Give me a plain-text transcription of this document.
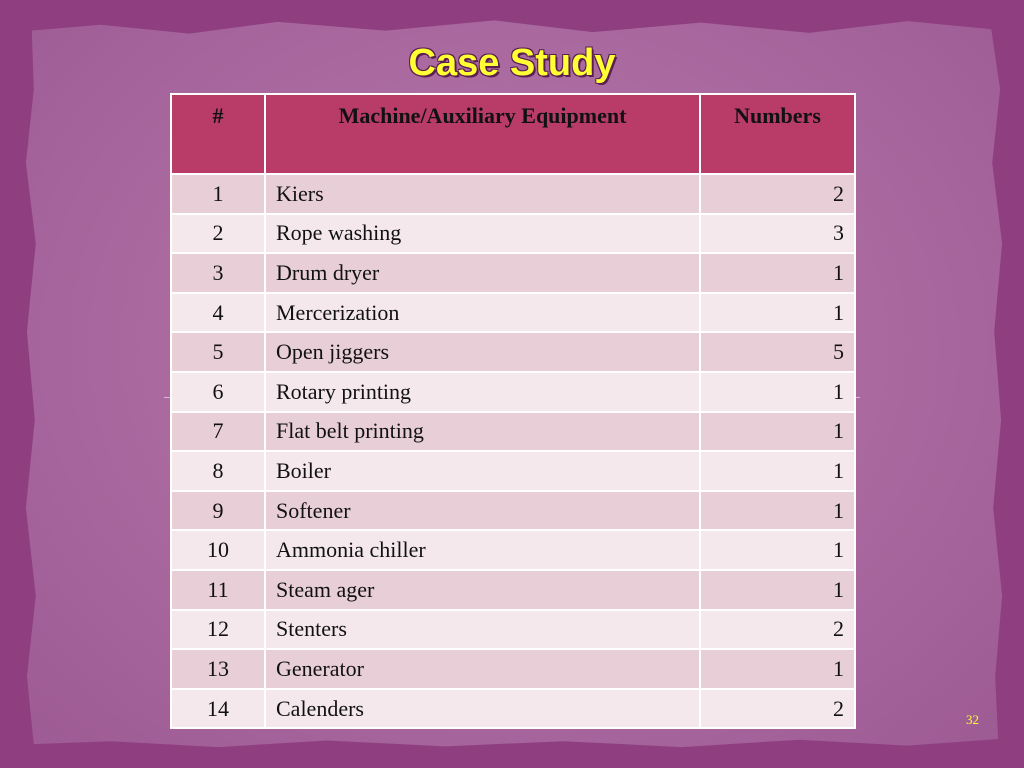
Case Study
#	Machine/Auxiliary Equipment	Numbers
1	Kiers	2
2	Rope washing	3
3	Drum dryer	1
4	Mercerization	1
5	Open jiggers	5
6	Rotary printing	1
7	Flat belt printing	1
8	Boiler	1
9	Softener	1
10	Ammonia chiller	1
11	Steam ager	1
12	Stenters	2
13	Generator	1
14	Calenders	2	32
